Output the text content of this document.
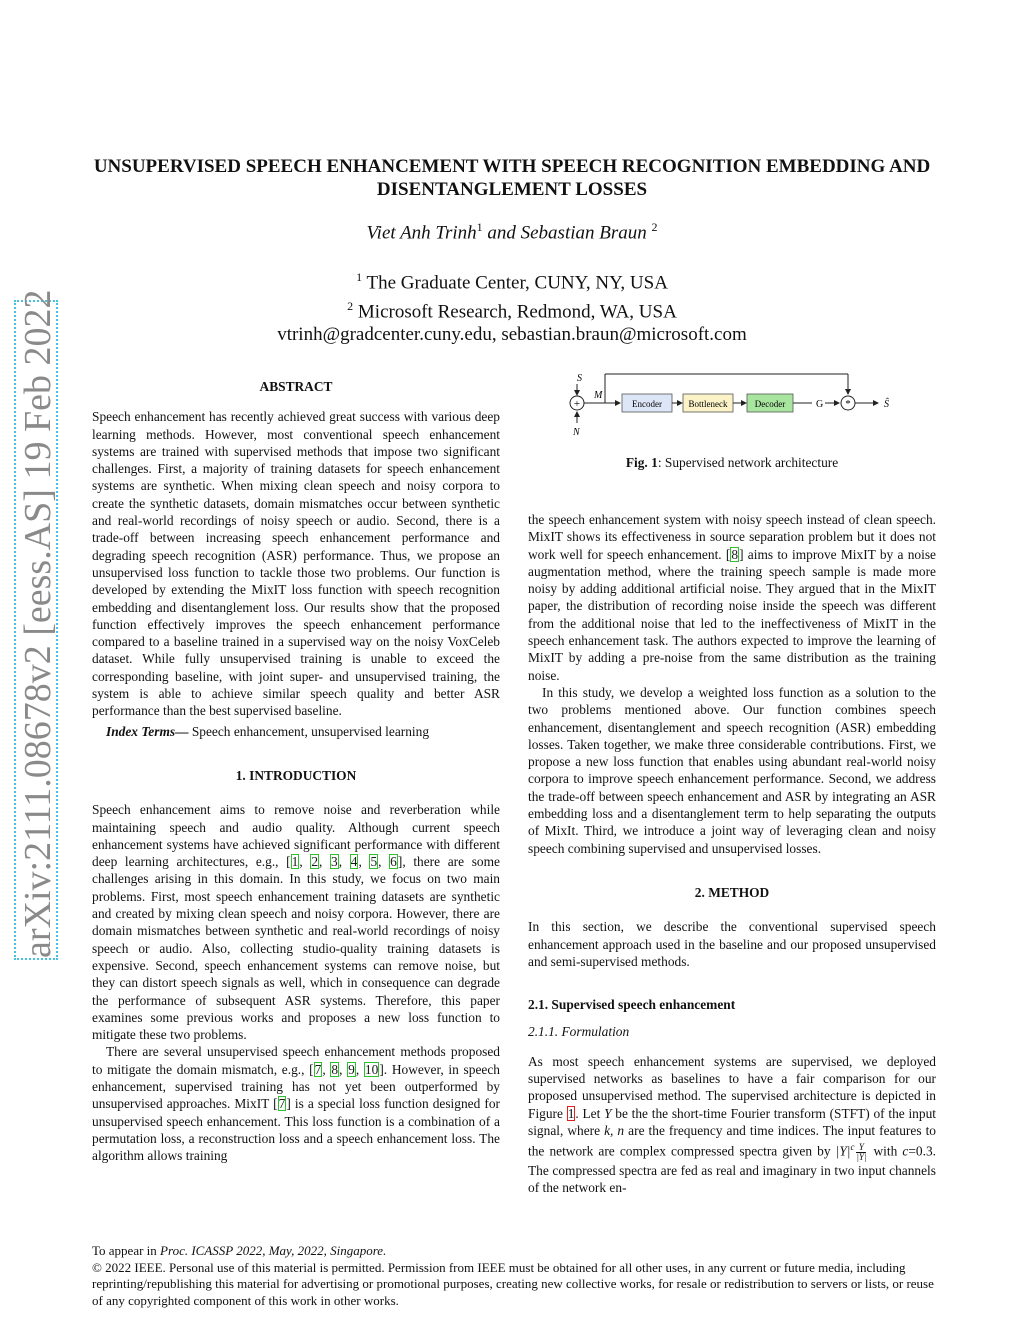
arXiv:2111.08678v2 [eess.AS] 19 Feb 2022
UNSUPERVISED SPEECH ENHANCEMENT WITH SPEECH RECOGNITION EMBEDDING AND DISENTANGLEMENT LOSSES
Viet Anh Trinh$^1$ and Sebastian Braun $^2$
$^1$ The Graduate Center, CUNY, NY, USA
$^2$ Microsoft Research, Redmond, WA, USA
vtrinh@gradcenter.cuny.edu, sebastian.braun@microsoft.com

ABSTRACT

Speech enhancement has recently achieved great success with various deep learning methods. However, most conventional speech enhancement systems are trained with supervised methods that impose two significant challenges. First, a majority of training datasets for speech enhancement systems are synthetic. When mixing clean speech and noisy corpora to create the synthetic datasets, domain mismatches occur between synthetic and real-world recordings of noisy speech or audio. Second, there is a trade-off between increasing speech enhancement performance and degrading speech recognition (ASR) performance. Thus, we propose an unsupervised loss function to tackle those two problems. Our function is developed by extending the MixIT loss function with speech recognition embedding and disentanglement loss. Our results show that the proposed function effectively improves the speech enhancement performance compared to a baseline trained in a supervised way on the noisy VoxCeleb dataset. While fully unsupervised training is unable to exceed the corresponding baseline, with joint super- and unsupervised training, the system is able to achieve similar speech quality and better ASR performance than the best supervised baseline.

Index Terms— Speech enhancement, unsupervised learning

1. INTRODUCTION

Speech enhancement aims to remove noise and reverberation while maintaining speech and audio quality. Although current speech enhancement systems have achieved significant performance with different deep learning architectures, e.g., [1, 2, 3, 4, 5, 6], there are some challenges arising in this domain. In this study, we focus on two main problems. First, most speech enhancement training datasets are synthetic and created by mixing clean speech and noisy corpora. However, there are domain mismatches between synthetic and real-world recordings of noisy speech or audio. Also, collecting studio-quality training datasets is expensive. Second, speech enhancement systems can remove noise, but they can distort speech signals as well, which in consequence can degrade the performance of subsequent ASR systems. Therefore, this paper examines some previous works and proposes a new loss function to mitigate these two problems.

There are several unsupervised speech enhancement methods proposed to mitigate the domain mismatch, e.g., [7, 8, 9, 10]. However, in speech enhancement, supervised training has not yet been outperformed by unsupervised approaches. MixIT [7] is a special loss function designed for unsupervised speech enhancement. This loss function is a combination of a permutation loss, a reconstruction loss and a speech enhancement loss. The algorithm allows training

S
+
N
M
Encoder	Bottleneck	Decoder	G *	Ŝ
Fig. 1: Supervised network architecture

the speech enhancement system with noisy speech instead of clean speech. MixIT shows its effectiveness in source separation problem but it does not work well for speech enhancement. [8] aims to improve MixIT by a noise augmentation method, where the training speech sample is made more noisy by adding additional artificial noise. They argued that in the MixIT paper, the distribution of recording noise inside the speech was different from the additional noise that led to the ineffectiveness of MixIT in the speech enhancement task. The authors expected to improve the learning of MixIT by adding a pre-noise from the same distribution as the training noise.

In this study, we develop a weighted loss function as a solution to the two problems mentioned above. Our function combines speech enhancement, disentanglement and speech recognition (ASR) embedding losses. Taken together, we make three considerable contributions. First, we propose a new loss function that enables using abundant real-world noisy corpora to improve speech enhancement performance. Second, we address the trade-off between speech enhancement and ASR by integrating an ASR embedding loss and a disentanglement term to help separating the outputs of MixIt. Third, we introduce a joint way of leveraging clean and noisy speech combining supervised and unsupervised losses.

2. METHOD

In this section, we describe the conventional supervised speech enhancement approach used in the baseline and our proposed unsupervised and semi-supervised methods.

2.1. Supervised speech enhancement

2.1.1. Formulation

As most speech enhancement systems are supervised, we deployed supervised networks as baselines to have a fair comparison for our proposed unsupervised method. The supervised architecture is depicted in Figure 1. Let Y be the the short-time Fourier transform (STFT) of the input signal, where k, n are the frequency and time indices. The input features to the network are complex compressed spectra given by $|Y|^c \frac{Y}{|Y|}$ with c=0.3. The compressed spectra are fed as real and imaginary in two input channels of the network en-

To appear in Proc. ICASSP 2022, May, 2022, Singapore.

© 2022 IEEE. Personal use of this material is permitted. Permission from IEEE must be obtained for all other uses, in any current or future media, including reprinting/republishing this material for advertising or promotional purposes, creating new collective works, for resale or redistribution to servers or lists, or reuse of any copyrighted component of this work in other works.
